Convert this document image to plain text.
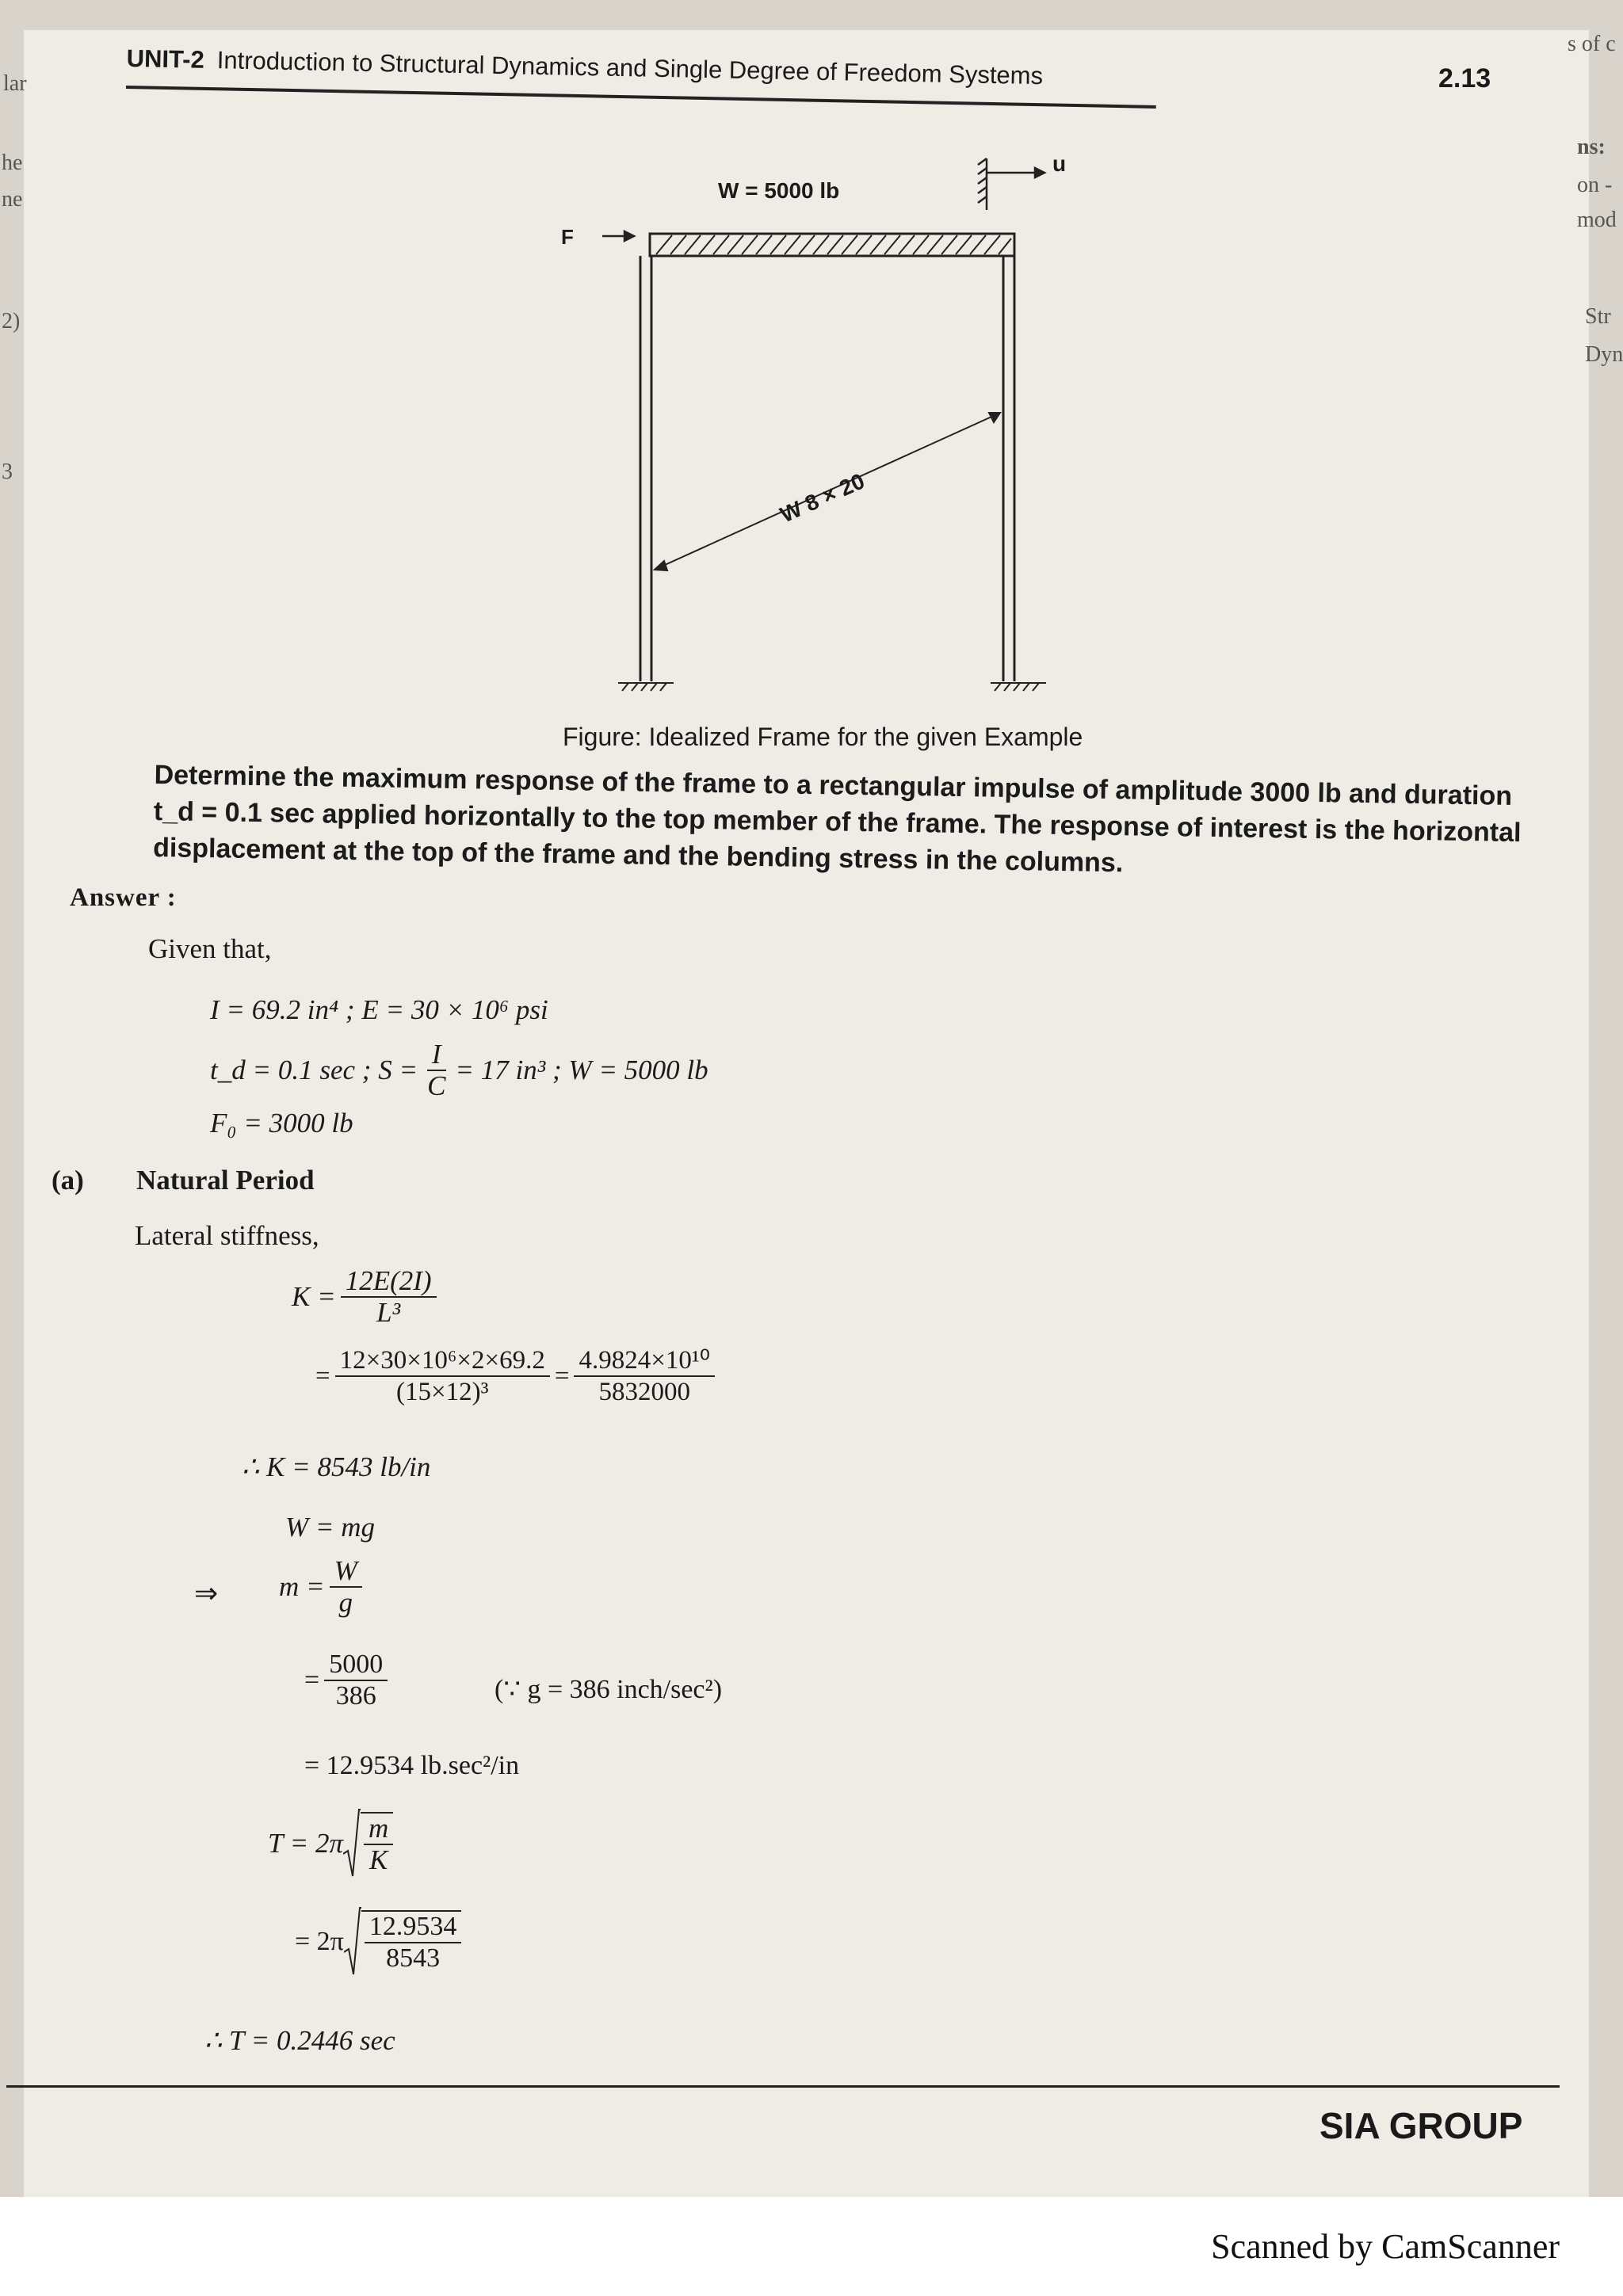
lar
he
ne
2)
3
s of c
ns:
on -
mod
Str
Dyn
UNIT-2 Introduction to Structural Dynamics and Single Degree of Freedom Systems	2.13
W = 5000 lb
F
u
W 8 × 20
Figure: Idealized Frame for the given Example
Determine the maximum response of the frame to a rectangular impulse of amplitude 3000 lb and duration t_d = 0.1 sec applied horizontally to the top member of the frame. The response of interest is the horizontal displacement at the top of the frame and the bending stress in the columns.
Answer :
Given that,
I = 69.2 in⁴ ; E = 30 × 10⁶ psi
t_d = 0.1 sec ; $S = \frac{I}{C} = 17$ in³ ; W = 5000 lb
F₀ = 3000 lb
(a) Natural Period
Lateral stiffness,
$K = \frac{12E(2I)}{\text{L³}}$
= $\frac{\text{12×30×10⁶×2×69.2}}{\text{(15×12)³}} = \frac{\text{4.9824×10¹⁰}}{5832000}$
∴ K = 8543 lb/in
W = mg
⇒ $m = \frac{W}{g}$
= $\frac{5000}{386}$	(∵ g = 386 inch/sec²)
= 12.9534 lb.sec²/in
$T = 2\pi \frac{m}{K}$
= $2\pi \frac{12.9534}{8543}$
∴ T = 0.2446 sec
SIA GROUP
Scanned by CamScanner
